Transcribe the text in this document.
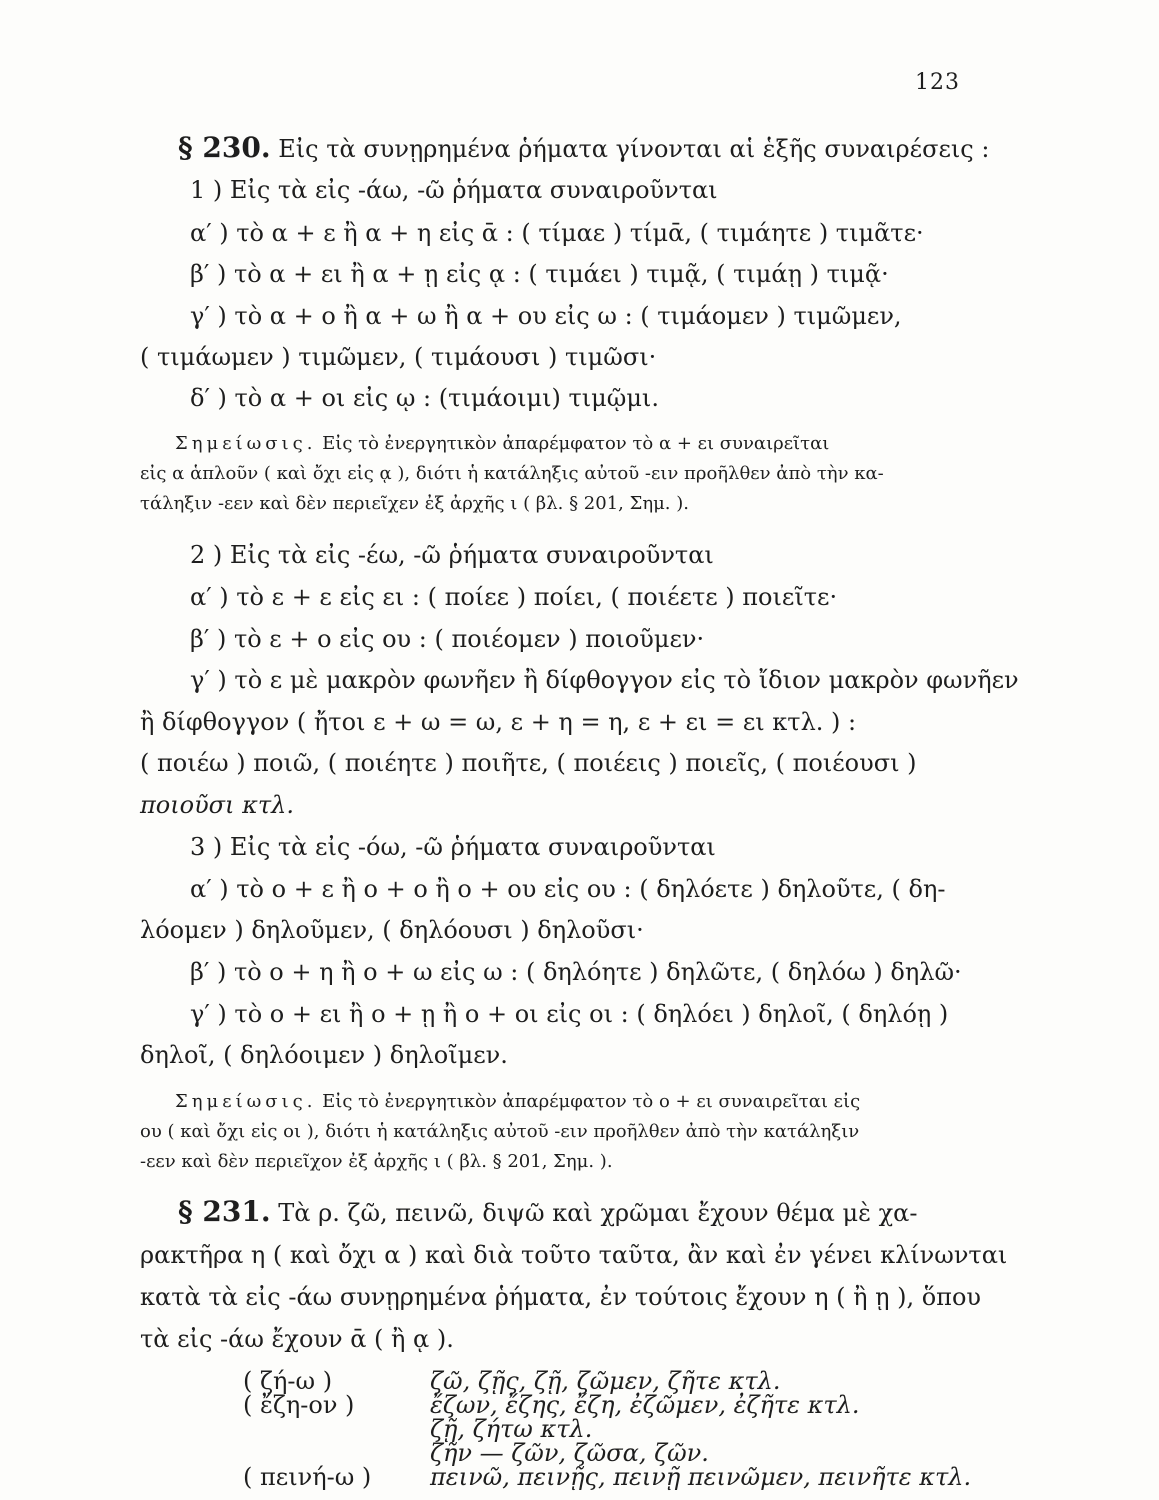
123
§ 230. Εἰς τὰ συνῃρημένα ῥήματα γίνονται αἱ ἑξῆς συναιρέσεις :
1 ) Εἰς τὰ εἰς -άω, -ῶ ῥήματα συναιροῦνται
α′ ) τὸ α + ε ἢ α + η εἰς ᾱ : ( τίμαε ) τίμᾱ, ( τιμάητε ) τιμᾶτε·
β′ ) τὸ α + ει ἢ α + ῃ εἰς ᾳ : ( τιμάει ) τιμᾷ, ( τιμάῃ ) τιμᾷ·
γ′ ) τὸ α + ο ἢ α + ω ἢ α + ου εἰς ω : ( τιμάομεν ) τιμῶμεν,
( τιμάωμεν ) τιμῶμεν, ( τιμάουσι ) τιμῶσι·
δ′ ) τὸ α + οι εἰς ῳ : (τιμάοιμι) τιμῷμι.
Σημείωσις. Εἰς τὸ ἐνεργητικὸν ἀπαρέμφατον τὸ α + ει συναιρεῖται
εἰς α ἁπλοῦν ( καὶ ὄχι εἰς ᾳ ), διότι ἡ κατάληξις αὐτοῦ -ειν προῆλθεν ἀπὸ τὴν κα-
τάληξιν -εεν καὶ δὲν περιεῖχεν ἐξ ἀρχῆς ι ( βλ. § 201, Σημ. ).
2 ) Εἰς τὰ εἰς -έω, -ῶ ῥήματα συναιροῦνται
α′ ) τὸ ε + ε εἰς ει : ( ποίεε ) ποίει, ( ποιέετε ) ποιεῖτε·
β′ ) τὸ ε + ο εἰς ου : ( ποιέομεν ) ποιοῦμεν·
γ′ ) τὸ ε μὲ μακρὸν φωνῆεν ἢ δίφθογγον εἰς τὸ ἴδιον μακρὸν φωνῆεν
ἢ δίφθογγον ( ἤτοι ε + ω = ω, ε + η = η, ε + ει = ει κτλ. ) :
( ποιέω ) ποιῶ, ( ποιέητε ) ποιῆτε, ( ποιέεις ) ποιεῖς, ( ποιέουσι )
ποιοῦσι κτλ.
3 ) Εἰς τὰ εἰς -όω, -ῶ ῥήματα συναιροῦνται
α′ ) τὸ ο + ε ἢ ο + ο ἢ ο + ου εἰς ου : ( δηλόετε ) δηλοῦτε, ( δη-
λόομεν ) δηλοῦμεν, ( δηλόουσι ) δηλοῦσι·
β′ ) τὸ ο + η ἢ ο + ω εἰς ω : ( δηλόητε ) δηλῶτε, ( δηλόω ) δηλῶ·
γ′ ) τὸ ο + ει ἢ ο + ῃ ἢ ο + οι εἰς οι : ( δηλόει ) δηλοῖ, ( δηλόῃ )
δηλοῖ, ( δηλόοιμεν ) δηλοῖμεν.
Σημείωσις. Εἰς τὸ ἐνεργητικὸν ἀπαρέμφατον τὸ ο + ει συναιρεῖται εἰς
ου ( καὶ ὄχι εἰς οι ), διότι ἡ κατάληξις αὐτοῦ -ειν προῆλθεν ἀπὸ τὴν κατάληξιν
-εεν καὶ δὲν περιεῖχον ἐξ ἀρχῆς ι ( βλ. § 201, Σημ. ).
§ 231. Τὰ ρ. ζῶ, πεινῶ, διψῶ καὶ χρῶμαι ἔχουν θέμα μὲ χα-
ρακτῆρα η ( καὶ ὄχι α ) καὶ διὰ τοῦτο ταῦτα, ἂν καὶ ἐν γένει κλίνωνται
κατὰ τὰ εἰς -άω συνῃρημένα ῥήματα, ἐν τούτοις ἔχουν η ( ἢ ῃ ), ὅπου
τὰ εἰς -άω ἔχουν ᾱ ( ἢ ᾳ ).
( ζή-ω )	ζῶ, ζῇς, ζῇ, ζῶμεν, ζῆτε κτλ.
( ἔζη-ον )	ἔζων, ἔζης, ἔζη, ἐζῶμεν, ἐζῆτε κτλ.
ζῇ, ζήτω κτλ.
ζῆν — ζῶν, ζῶσα, ζῶν.
( πεινή-ω ) πεινῶ, πεινῇς, πεινῇ πεινῶμεν, πεινῆτε κτλ.
